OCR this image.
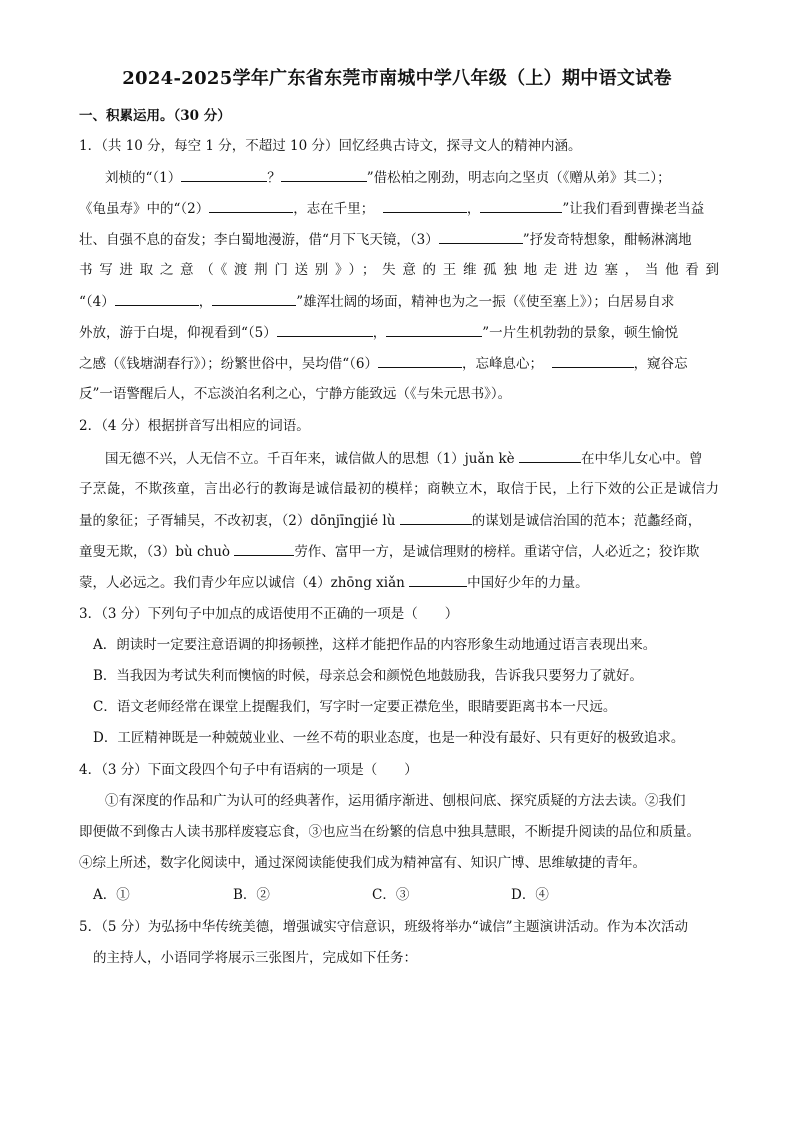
2024-2025学年广东省东莞市南城中学八年级（上）期中语文试卷
一、积累运用。（30 分）
1．（共 10 分，每空 1 分，不超过 10 分）回忆经典古诗文，探寻文人的精神内涵。
刘桢的“（1）	？	”借松柏之刚劲，明志向之坚贞（《赠从弟》其二）；
《龟虽寿》中的“（2）	，志在千里；	，	”让我们看到曹操老当益
壮、自强不息的奋发；李白蜀地漫游，借“月下飞天镜，（3）	”抒发奇特想象，酣畅淋漓地
书写进取之意（《渡荆门送别》）；失意的王维孤独地走进边塞，当他看到
“（4）	，	”雄浑壮阔的场面，精神也为之一振（《使至塞上》）；白居易自求
外放，游于白堤，仰视看到“（5）	，	”一片生机勃勃的景象，顿生愉悦
之感（《钱塘湖春行》）；纷繁世俗中，吴均借“（6）	，忘峰息心；	，窥谷忘
反”一语警醒后人，不忘淡泊名利之心，宁静方能致远（《与朱元思书》）。
2．（4 分）根据拼音写出相应的词语。
国无德不兴，人无信不立。千百年来，诚信做人的思想（1）juǎn kè	在中华儿女心中。曾
子烹彘，不欺孩童，言出必行的教诲是诚信最初的模样；商鞅立木，取信于民，上行下效的公正是诚信力
量的象征；子胥辅吴，不改初衷，（2）dōnjīngjié lù	的谋划是诚信治国的范本；范蠡经商，
童叟无欺，（3）bù chuò	劳作、富甲一方，是诚信理财的榜样。重诺守信，人必近之；狡诈欺
蒙，人必远之。我们青少年应以诚信（4）zhōng xiǎn	中国好少年的力量。
3．（3 分）下列句子中加点的成语使用不正确的一项是（　　）
A．朗读时一定要注意语调的抑扬顿挫，这样才能把作品的内容形象生动地通过语言表现出来。
B．当我因为考试失利而懊恼的时候，母亲总会和颜悦色地鼓励我，告诉我只要努力了就好。
C．语文老师经常在课堂上提醒我们，写字时一定要正襟危坐，眼睛要距离书本一尺远。
D．工匠精神既是一种兢兢业业、一丝不苟的职业态度，也是一种没有最好、只有更好的极致追求。
4．（3 分）下面文段四个句子中有语病的一项是（　　）
①有深度的作品和广为认可的经典著作，运用循序渐进、刨根问底、探究质疑的方法去读。②我们
即便做不到像古人读书那样废寝忘食，③也应当在纷繁的信息中独具慧眼，不断提升阅读的品位和质量。
④综上所述，数字化阅读中，通过深阅读能使我们成为精神富有、知识广博、思维敏捷的青年。
A．①	B．②	C．③	D．④
5．（5 分）为弘扬中华传统美德，增强诚实守信意识，班级将举办“诚信”主题演讲活动。作为本次活动
的主持人，小语同学将展示三张图片，完成如下任务：
